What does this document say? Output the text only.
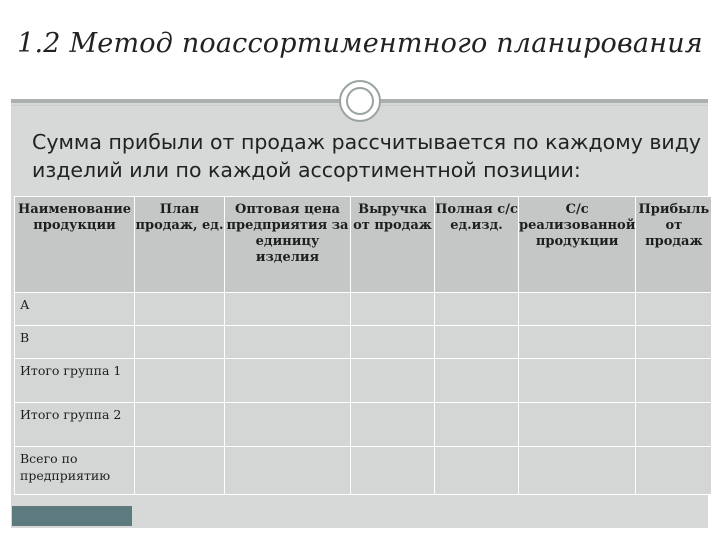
1.2 Метод поассортиментного планирования
Сумма прибыли от продаж рассчитывается по каждому виду изделий или по каждой ассортиментной позиции:
Наименование продукции	План продаж, ед.	Оптовая цена предприятия за единицу изделия	Выручка от продаж	Полная с/с ед.изд.	С/с реализованной продукции	Прибыль от продаж
А						
В						
Итого группа 1						
Итого группа 2						
Всего по предприятию						
